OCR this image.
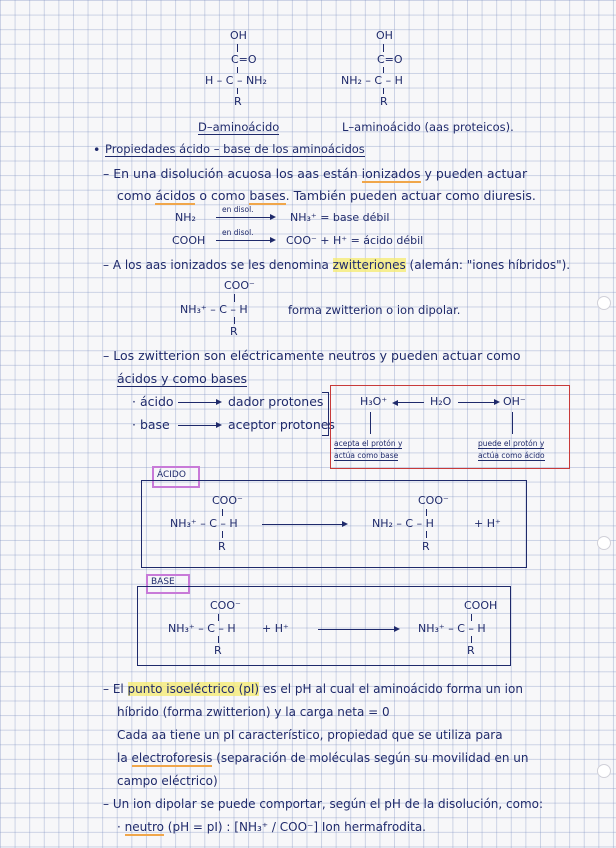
OH
C=O
H – C – NH₂
R
OH
C=O
NH₂ – C – H
R
D–aminoácido	L–aminoácido (aas proteicos).
• Propiedades ácido – base de los aminoácidos
– En una disolución acuosa los aas están ionizados y pueden actuar
como ácidos o como bases. También pueden actuar como diuresis.
NH₂
en disol.
NH₃⁺ = base débil
COOH
en disol.
COO⁻ + H⁺ = ácido débil
– A los aas ionizados se les denomina zwitteriones (alemán: "iones híbridos").
COO⁻
NH₃⁺ – C – H
R
forma zwitterion o ion dipolar.
– Los zwitterion son eléctricamente neutros y pueden actuar como
ácidos y como bases
· ácido	dador protones
· base	aceptor protones
H₃O⁺	H₂O	OH⁻
acepta el protón y
actúa como base
puede el protón y
actúa como ácido
ÁCIDO
COO⁻
NH₃⁺ – C – H
R
COO⁻
NH₂ – C – H
R
+ H⁺
BASE
COO⁻
NH₃⁺ – C – H
R
+ H⁺
COOH
NH₃⁺ – C – H
R
– El punto isoeléctrico (pI) es el pH al cual el aminoácido forma un ion
híbrido (forma zwitterion) y la carga neta = 0
Cada aa tiene un pI característico, propiedad que se utiliza para
la electroforesis (separación de moléculas según su movilidad en un
campo eléctrico)
– Un ion dipolar se puede comportar, según el pH de la disolución, como:
· neutro (pH = pI) : [NH₃⁺ / COO⁻] Ion hermafrodita.
